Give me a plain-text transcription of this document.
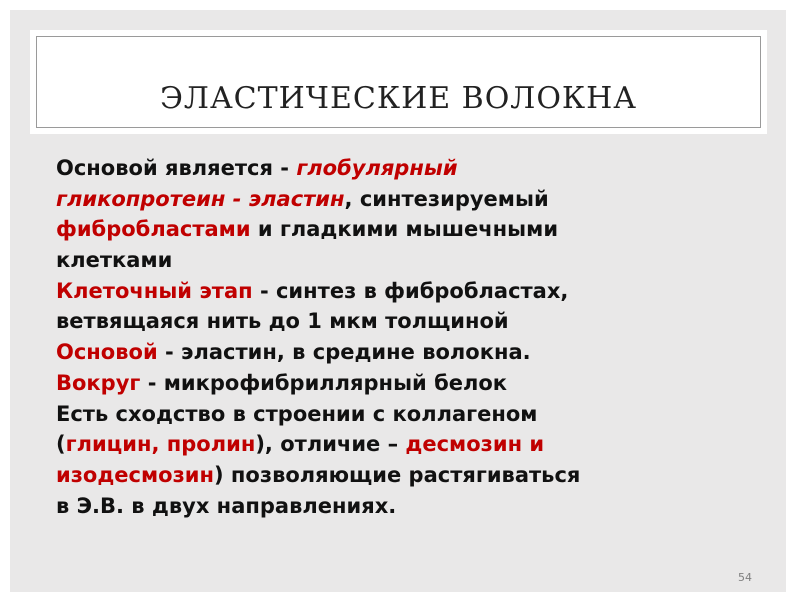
ЭЛАСТИЧЕСКИЕ ВОЛОКНА
Основой является - глобулярный
гликопротеин - эластин, синтезируемый
фибробластами и гладкими мышечными
клетками
Клеточный этап - синтез в фибробластах,
ветвящаяся нить до 1 мкм толщиной
Основой - эластин, в средине волокна.
Вокруг - микрофибриллярный белок
Есть сходство в строении с коллагеном
(глицин, пролин), отличие – десмозин и
изодесмозин) позволяющие растягиваться
в Э.В. в двух направлениях.
54
